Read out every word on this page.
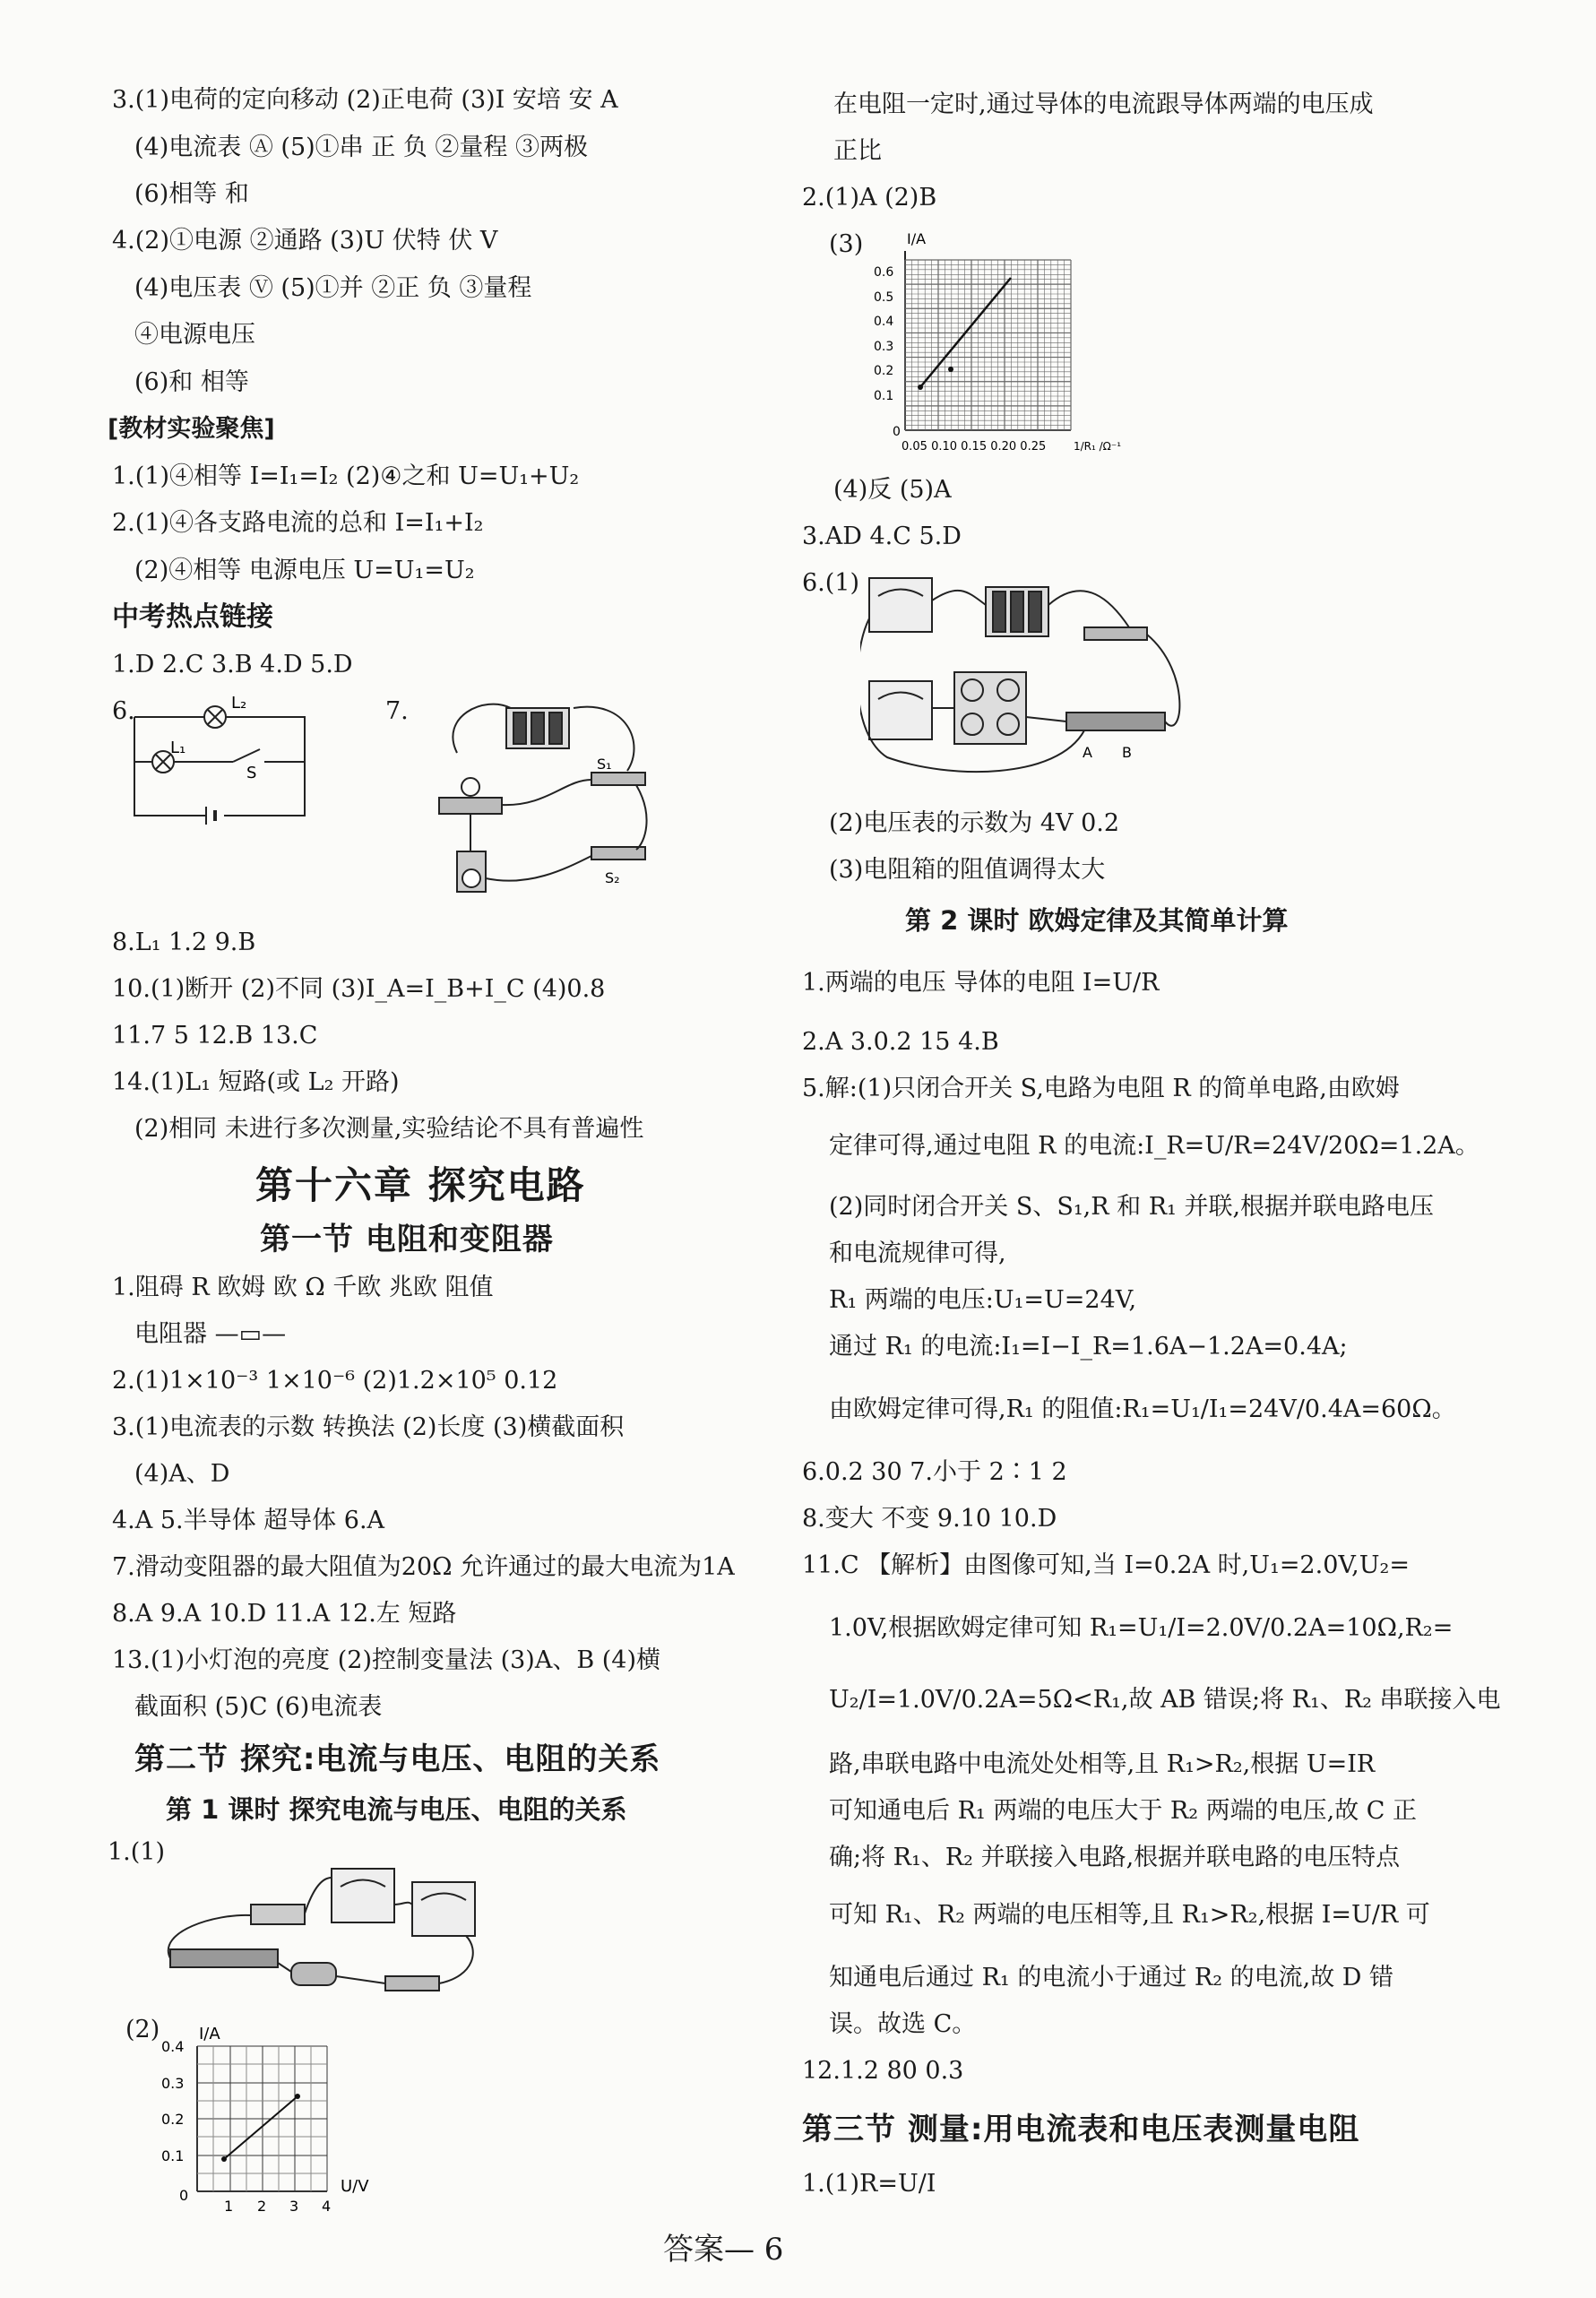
3.(1)电荷的定向移动 (2)正电荷 (3)I 安培 安 A
(4)电流表 Ⓐ (5)①串 正 负 ②量程 ③两极
(6)相等 和
4.(2)①电源 ②通路 (3)U 伏特 伏 V
(4)电压表 Ⓥ (5)①并 ②正 负 ③量程
④电源电压
(6)和 相等
[教材实验聚焦]
1.(1)④相等 I=I₁=I₂ (2)④之和 U=U₁+U₂
2.(1)④各支路电流的总和 I=I₁+I₂
(2)④相等 电源电压 U=U₁=U₂
中考热点链接
1.D 2.C 3.B 4.D 5.D
6.	7.
L₂
L₁
S	S₁
S₂
8.L₁ 1.2 9.B
10.(1)断开 (2)不同 (3)I_A=I_B+I_C (4)0.8
11.7 5 12.B 13.C
14.(1)L₁ 短路(或 L₂ 开路)
(2)相同 未进行多次测量,实验结论不具有普遍性
第十六章 探究电路
第一节 电阻和变阻器
1.阻碍 R 欧姆 欧 Ω 千欧 兆欧 阻值
电阻器 —▭—
2.(1)1×10⁻³ 1×10⁻⁶ (2)1.2×10⁵ 0.12
3.(1)电流表的示数 转换法 (2)长度 (3)横截面积
(4)A、D
4.A 5.半导体 超导体 6.A
7.滑动变阻器的最大阻值为20Ω 允许通过的最大电流为1A
8.A 9.A 10.D 11.A 12.左 短路
13.(1)小灯泡的亮度 (2)控制变量法 (3)A、B (4)横
截面积 (5)C (6)电流表
第二节 探究:电流与电压、电阻的关系
第 1 课时 探究电流与电压、电阻的关系
1.(1)
(2) I/A
U/V
0.4
0.3
0.2
0.1
0
1 2 3 4
在电阻一定时,通过导体的电流跟导体两端的电压成
正比
2.(1)A (2)B
(3)	I/A
0.6
0.5
0.4
0.3
0.2
0.1
0
0.05 0.10 0.15 0.20 0.25	1/R₁ /Ω⁻¹
(4)反 (5)A
3.AD 4.C 5.D
6.(1)
A B
(2)电压表的示数为 4V 0.2
(3)电阻箱的阻值调得太大
第 2 课时 欧姆定律及其简单计算
1.两端的电压 导体的电阻 I=U/R
2.A 3.0.2 15 4.B
5.解:(1)只闭合开关 S,电路为电阻 R 的简单电路,由欧姆
定律可得,通过电阻 R 的电流:I_R=U/R=24V/20Ω=1.2A。
(2)同时闭合开关 S、S₁,R 和 R₁ 并联,根据并联电路电压
和电流规律可得,
R₁ 两端的电压:U₁=U=24V,
通过 R₁ 的电流:I₁=I−I_R=1.6A−1.2A=0.4A;
由欧姆定律可得,R₁ 的阻值:R₁=U₁/I₁=24V/0.4A=60Ω。
6.0.2 30 7.小于 2∶1 2
8.变大 不变 9.10 10.D
11.C 【解析】由图像可知,当 I=0.2A 时,U₁=2.0V,U₂=
1.0V,根据欧姆定律可知 R₁=U₁/I=2.0V/0.2A=10Ω,R₂=
U₂/I=1.0V/0.2A=5Ω<R₁,故 AB 错误;将 R₁、R₂ 串联接入电
路,串联电路中电流处处相等,且 R₁>R₂,根据 U=IR
可知通电后 R₁ 两端的电压大于 R₂ 两端的电压,故 C 正
确;将 R₁、R₂ 并联接入电路,根据并联电路的电压特点
可知 R₁、R₂ 两端的电压相等,且 R₁>R₂,根据 I=U/R 可
知通电后通过 R₁ 的电流小于通过 R₂ 的电流,故 D 错
误。故选 C。
12.1.2 80 0.3
第三节 测量:用电流表和电压表测量电阻
1.(1)R=U/I
答案— 6
